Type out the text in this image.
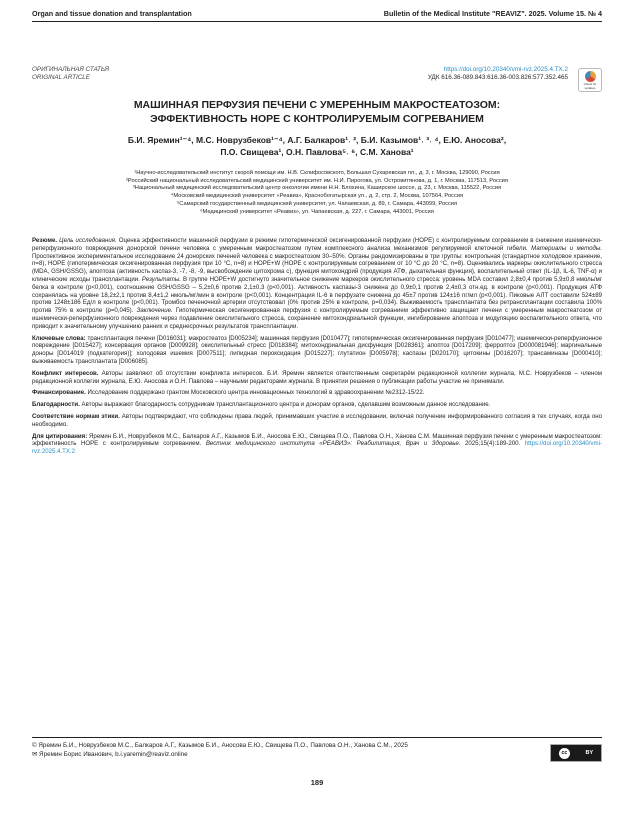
Organ and tissue donation and transplantation	Bulletin of the Medical Institute "REAVIZ". 2025. Volume 15. № 4
ОРИГИНАЛЬНАЯ СТАТЬЯ
ORIGINAL ARTICLE
https://doi.org/10.20340/vmi-rvz.2025.4.TX.2
УДК 616.36-089.843:616.36-003.826:577.352.465
Check for updates
МАШИННАЯ ПЕРФУЗИЯ ПЕЧЕНИ С УМЕРЕННЫМ МАКРОСТЕАТОЗОМ:
ЭФФЕКТИВНОСТЬ HOPE С КОНТРОЛИРУЕМЫМ СОГРЕВАНИЕМ
Б.И. Яремин¹⁻⁴, М.С. Новрузбеков¹⁻⁴, А.Г. Балкаров¹˒ ², Б.И. Казымов¹˒ ³˒ ⁴, Е.Ю. Аносова²,
П.О. Свищева¹, О.Н. Павлова⁵˒ ⁶, С.М. Ханова¹
¹Научно-исследовательский институт скорой помощи им. Н.В. Склифосовского, Большая Сухаревская пл., д. 3, г. Москва, 129090, Россия
²Российский национальный исследовательский медицинский университет им. Н.И. Пирогова, ул. Островитянова, д. 1, г. Москва, 117513, Россия
³Национальный медицинский исследовательский центр онкологии имени Н.Н. Блохина, Каширское шоссе, д. 23, г. Москва, 115522, Россия
⁴Московский медицинский университет «Реавиз», Краснобогатырская ул., д. 2, стр. 2, Москва, 107564, Россия
⁵Самарский государственный медицинский университет, ул. Чапаевская, д. 89, г. Самара, 443099, Россия
⁶Медицинский университет «Реавиз», ул. Чапаевская, д. 227, г. Самара, 443001, Россия

Резюме. Цель исследования. Оценка эффективности машинной перфузии в режиме гипотермической оксигенированной перфузии (HOPE) с контролируемым согреванием в снижении ишемически-реперфузионного повреждения донорской печени человека с умеренным макростеатозом путем комплексного анализа механизмов регулируемой клеточной гибели. Материалы и методы. Проспективное экспериментальное исследование 24 донорских печеней человека с макростеатозом 30–50%. Органы рандомизированы в три группы: контрольная (стандартное холодовое хранение, n=8), HOPE (гипотермическая оксигенированная перфузия при 10 °C, n=8) и HOPE+W (HOPE с контролируемым согреванием от 10 °C до 20 °C, n=8). Оценивались маркеры окислительного стресса (MDA, GSH/GSSG), апоптоза (активность каспаз-3, -7, -8, -9, высвобождение цитохрома c), функция митохондрий (продукция АТФ, дыхательная функция), воспалительный ответ (IL-1β, IL-6, TNF-α) и клинические исходы трансплантации. Результаты. В группе HOPE+W достигнуто значительное снижение маркеров окислительного стресса: уровень MDA составил 2,8±0,4 против 5,9±0,8 нмоль/мг белка в контроле (p<0,001), соотношение GSH/GSSG – 5,2±0,6 против 2,1±0,3 (p<0,001). Активность каспазы-3 снижена до 0,9±0,1 против 2,4±0,3 отн.ед. в контроле (p<0,001). Продукция АТФ сохранялась на уровне 18,2±2,1 против 8,4±1,2 нмоль/мг/мин в контроле (p<0,001). Концентрация IL-6 в перфузате снижена до 45±7 против 124±16 пг/мл (p<0,001). Пиковые АЛТ составили 524±89 против 1248±186 Ед/л в контроле (p<0,001). Тромбоз печеночной артерии отсутствовал (0% против 25% в контроле, p=0,034). Выживаемость трансплантата без ретрансплантации составила 100% против 75% в контроле (p=0,045). Заключение. Гипотермическая оксигенированная перфузия с контролируемым согреванием эффективно защищает печени с умеренным макростеатозом от ишемически-реперфузионного повреждения через подавление окислительного стресса, сохранение митохондриальной функции, ингибирование апоптоза и модуляцию воспалительного ответа, что приводит к значительному улучшению ранних и среднесрочных результатов трансплантации.

Ключевые слова: трансплантация печени [D016031]; макростеатоз [D005234]; машинная перфузия [D010477]; гипотермическая оксигенированная перфузия [D010477]; ишемически-реперфузионное повреждение [D015427]; консервация органов [D009928]; окислительный стресс [D018384]; митохондриальная дисфункция [D028361]; апоптоз [D017209]; ферроптоз [D000081946]; маргинальные доноры [D014019 (подкатегория)]; холодовая ишемия [D007511]; липидная пероксидация [D015227]; глутатион [D005978]; каспазы [D020170]; цитокины [D016207]; трансаминазы [D000410]; выживаемость трансплантата [D006085].

Конфликт интересов. Авторы заявляют об отсутствии конфликта интересов. Б.И. Яремин является ответственным секретарём редакционной коллегии журнала, М.С. Новрузбеков – членом редакционной коллегии журнала, Е.Ю. Аносова и О.Н. Павлова – научными редакторами журнала. В принятии решения о публикации работы участие не принимали.

Финансирование. Исследование поддержано грантом Московского центра инновационных технологий в здравоохранении №2312-15/22.

Благодарности. Авторы выражают благодарность сотрудникам трансплантационного центра и донорам органов, сделавшим возможным данное исследование.

Соответствие нормам этики. Авторы подтверждают, что соблюдены права людей, принимавших участие в исследовании, включая получение информированного согласия в тех случаях, когда оно необходимо.

Для цитирования: Яремин Б.И., Новрузбеков М.С., Балкаров А.Г., Казымов Б.И., Аносова Е.Ю., Свищева П.О., Павлова О.Н., Ханова С.М. Машинная перфузия печени с умеренным макростеатозом: эффективность HOPE с контролируемым согреванием. Вестник медицинского института «РЕАВИЗ»: Реабилитация, Врач и Здоровье. 2025;15(4):189-200. https://doi.org/10.20340/vmi-rvz.2025.4.TX.2

© Яремин Б.И., Новрузбеков М.С., Балкаров А.Г., Казымов Б.И., Аносова Е.Ю., Свищева П.О., Павлова О.Н., Ханова С.М., 2025
✉ Яремин Борис Иванович, b.i.yaremin@reaviz.online	cc	BY
189
